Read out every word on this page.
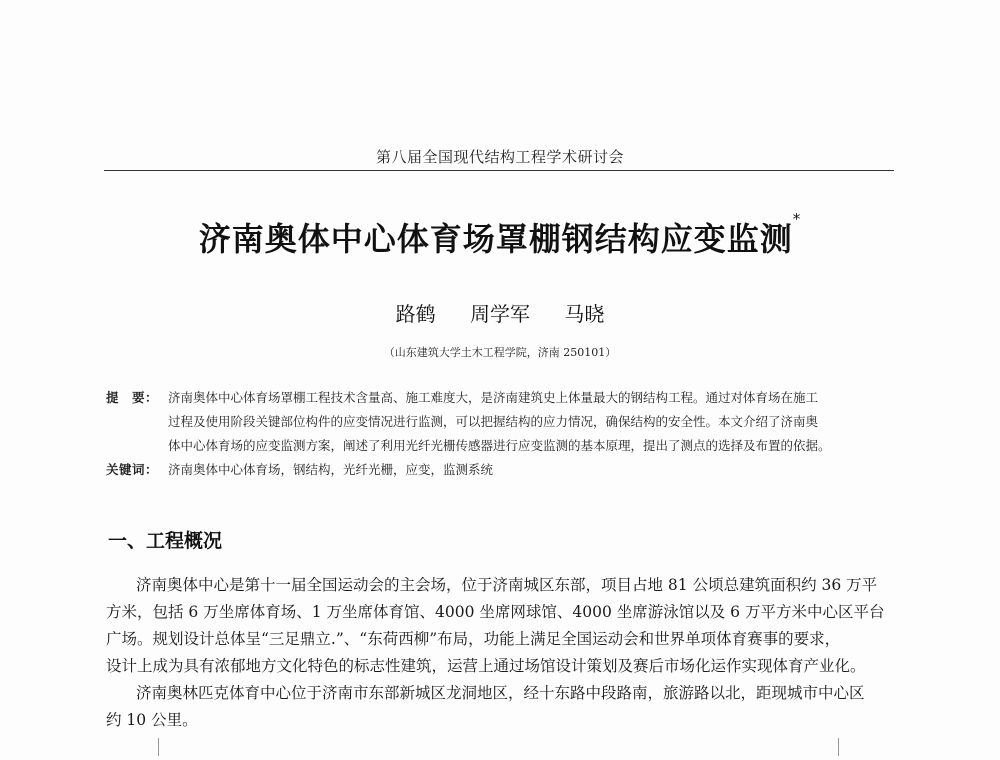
第八届全国现代结构工程学术研讨会
济南奥体中心体育场罩棚钢结构应变监测*
路鹤 周学军 马晓
（山东建筑大学土木工程学院，济南 250101）
提　要： 济南奥体中心体育场罩棚工程技术含量高、施工难度大，是济南建筑史上体量最大的钢结构工程。通过对体育场在施工
过程及使用阶段关键部位构件的应变情况进行监测，可以把握结构的应力情况，确保结构的安全性。本文介绍了济南奥
体中心体育场的应变监测方案，阐述了利用光纤光栅传感器进行应变监测的基本原理，提出了测点的选择及布置的依据。
关键词： 济南奥体中心体育场，钢结构，光纤光栅，应变，监测系统
一、工程概况
济南奥体中心是第十一届全国运动会的主会场，位于济南城区东部，项目占地 81 公顷总建筑面积约 36 万平
方米，包括 6 万坐席体育场、1 万坐席体育馆、4000 坐席网球馆、4000 坐席游泳馆以及 6 万平方米中心区平台
广场。规划设计总体呈“三足鼎立.”、“东荷西柳”布局，功能上满足全国运动会和世界单项体育赛事的要求，
设计上成为具有浓郁地方文化特色的标志性建筑，运营上通过场馆设计策划及赛后市场化运作实现体育产业化。
济南奥林匹克体育中心位于济南市东部新城区龙洞地区，经十东路中段路南，旅游路以北，距现城市中心区
约 10 公里。
